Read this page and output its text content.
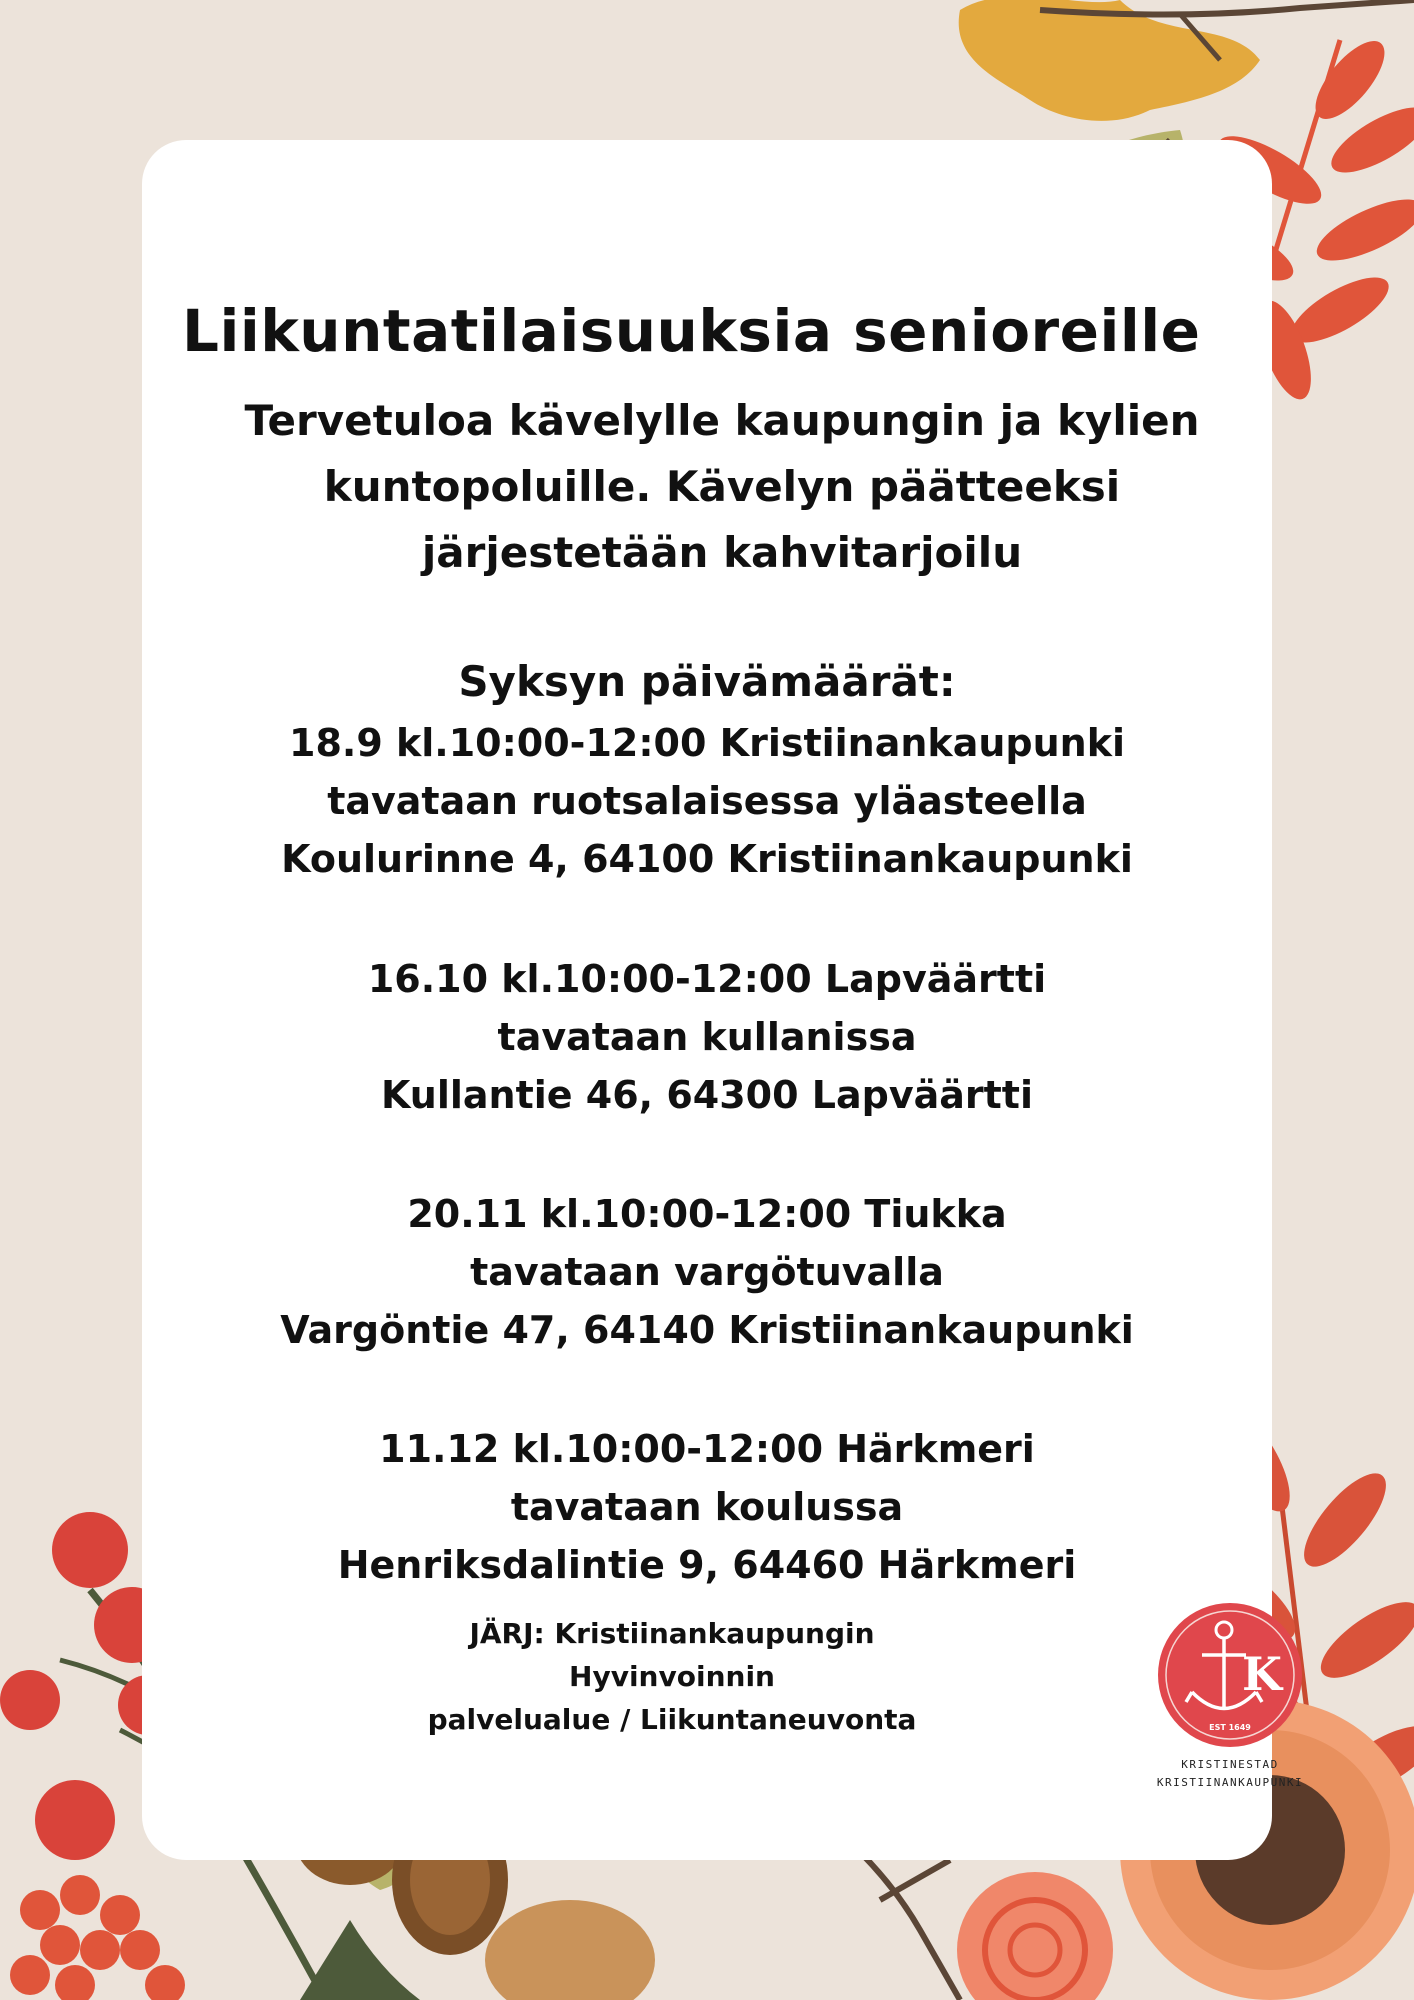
Liikuntatilaisuuksia senioreille
Tervetuloa kävelylle kaupungin ja kylien
kuntopoluille. Kävelyn päätteeksi
järjestetään kahvitarjoilu
Syksyn päivämäärät:
18.9 kl.10:00-12:00 Kristiinankaupunki
tavataan ruotsalaisessa yläasteella
Koulurinne 4, 64100 Kristiinankaupunki
16.10 kl.10:00-12:00 Lapväärtti
tavataan kullanissa
Kullantie 46, 64300 Lapväärtti
20.11 kl.10:00-12:00 Tiukka
tavataan vargötuvalla
Vargöntie 47, 64140 Kristiinankaupunki
11.12 kl.10:00-12:00 Härkmeri
tavataan koulussa
Henriksdalintie 9, 64460 Härkmeri
JÄRJ: Kristiinankaupungin Hyvinvoinnin
palvelualue / Liikuntaneuvonta
K
EST 1649
KRISTINESTAD
KRISTIINANKAUPUNKI
